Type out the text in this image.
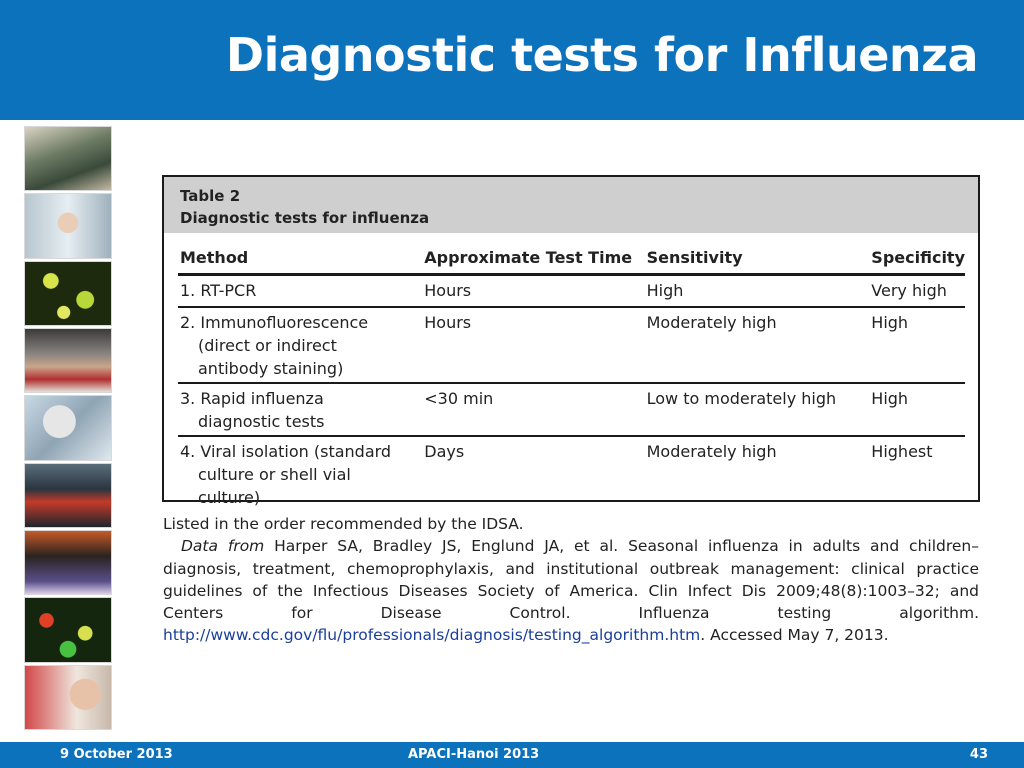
Diagnostic tests for Influenza
Table 2
Diagnostic tests for influenza
Method	Approximate Test Time	Sensitivity	Specificity
1. RT-PCR	Hours	High	Very high
2. Immunofluorescence
(direct or indirect
antibody staining)	Hours	Moderately high	High
3. Rapid influenza
diagnostic tests	<30 min	Low to moderately high	High
4. Viral isolation (standard
culture or shell vial
culture)	Days	Moderately high	Highest

Listed in the order recommended by the IDSA.

Data from Harper SA, Bradley JS, Englund JA, et al. Seasonal influenza in adults and children–diagnosis, treatment, chemoprophylaxis, and institutional outbreak management: clinical practice guidelines of the Infectious Diseases Society of America. Clin Infect Dis 2009;48(8):1003–32; and Centers for Disease Control. Influenza testing algorithm. http://www.cdc.gov/flu/professionals/diagnosis/testing_algorithm.htm. Accessed May 7, 2013.

9 October 2013	APACI-Hanoi 2013	43
